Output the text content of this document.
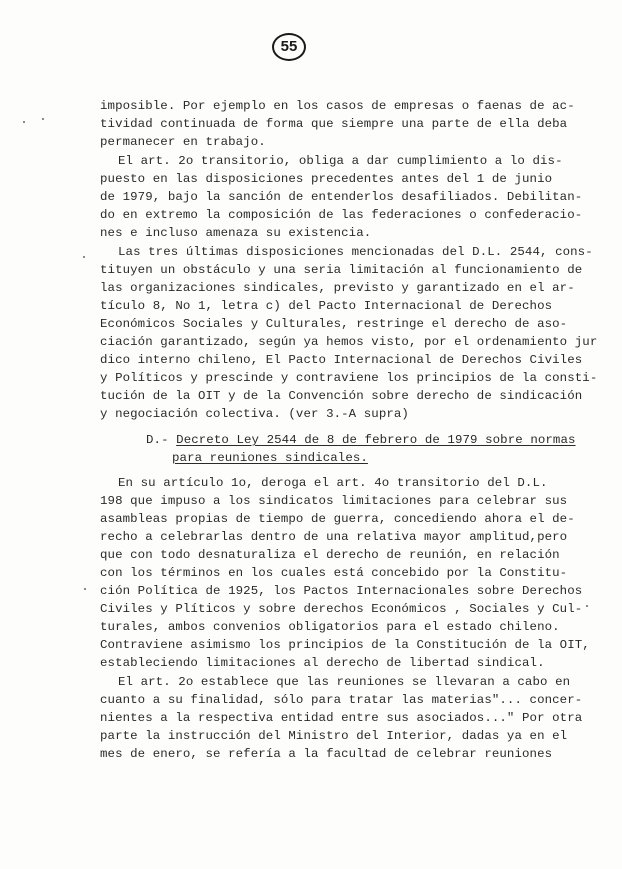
55
imposible. Por ejemplo en los casos de empresas o faenas de ac-
tividad continuada de forma que siempre una parte de ella deba
permanecer en trabajo.
El art. 2o transitorio, obliga a dar cumplimiento a lo dis-
puesto en las disposiciones precedentes antes del 1 de junio
de 1979, bajo la sanción de entenderlos desafiliados. Debilitan-
do en extremo la composición de las federaciones o confederacio-
nes e incluso amenaza su existencia.
Las tres últimas disposiciones mencionadas del D.L. 2544, cons-
tituyen un obstáculo y una seria limitación al funcionamiento de
las organizaciones sindicales, previsto y garantizado en el ar-
tículo 8, No 1, letra c) del Pacto Internacional de Derechos
Económicos Sociales y Culturales, restringe el derecho de aso-
ciación garantizado, según ya hemos visto, por el ordenamiento jur
dico interno chileno, El Pacto Internacional de Derechos Civiles
y Políticos y prescinde y contraviene los principios de la consti-
tución de la OIT y de la Convención sobre derecho de sindicación
y negociación colectiva. (ver 3.-A supra)
D.- Decreto Ley 2544 de 8 de febrero de 1979 sobre normas
para reuniones sindicales.
En su artículo 1o, deroga el art. 4o transitorio del D.L.
198 que impuso a los sindicatos limitaciones para celebrar sus
asambleas propias de tiempo de guerra, concediendo ahora el de-
recho a celebrarlas dentro de una relativa mayor amplitud,pero
que con todo desnaturaliza el derecho de reunión, en relación
con los términos en los cuales está concebido por la Constitu-
ción Política de 1925, los Pactos Internacionales sobre Derechos
Civiles y Plíticos y sobre derechos Económicos , Sociales y Cul-
turales, ambos convenios obligatorios para el estado chileno.
Contraviene asimismo los principios de la Constitución de la OIT,
estableciendo limitaciones al derecho de libertad sindical.
El art. 2o establece que las reuniones se llevaran a cabo en
cuanto a su finalidad, sólo para tratar las materias"... concer-
nientes a la respectiva entidad entre sus asociados..." Por otra
parte la instrucción del Ministro del Interior, dadas ya en el
mes de enero, se refería a la facultad de celebrar reuniones
